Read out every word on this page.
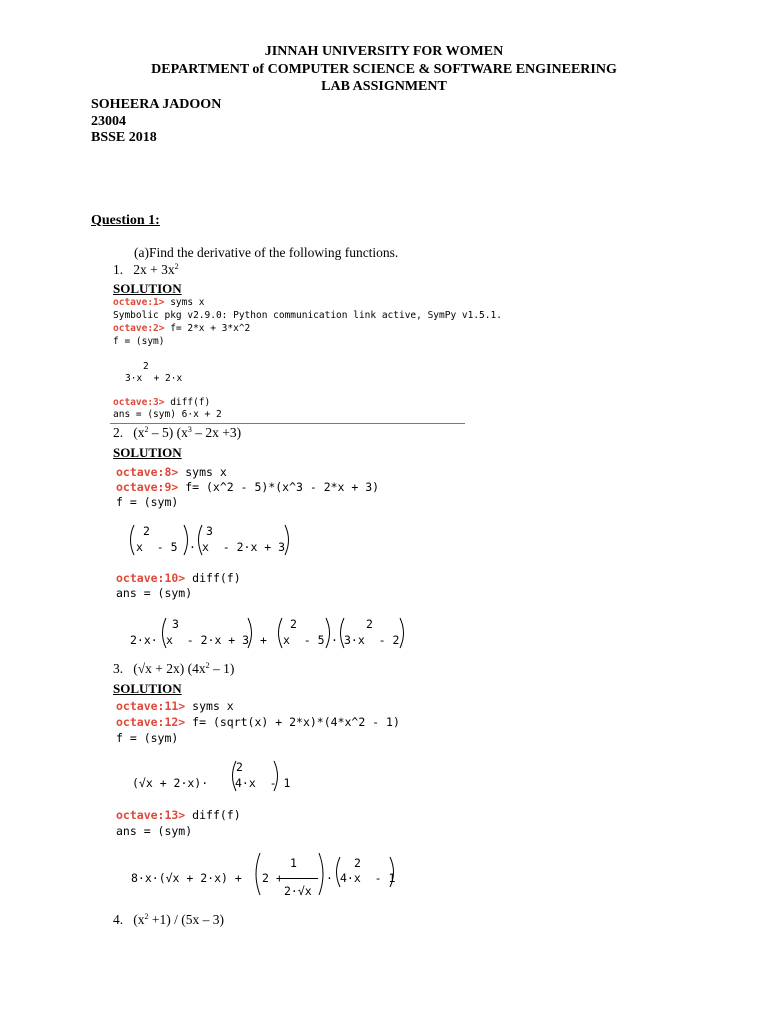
JINNAH UNIVERSITY FOR WOMEN
DEPARTMENT of COMPUTER SCIENCE & SOFTWARE ENGINEERING
LAB ASSIGNMENT
SOHEERA JADOON
23004
BSSE 2018
Question 1:
(a)Find the derivative of the following functions.
1. $2x + 3x^2$
SOLUTION
octave:1> syms x
Symbolic pkg v2.9.0: Python communication link active, SymPy v1.5.1.
octave:2> f= 2*x + 3*x^2
f = (sym)
2
3·x  + 2·x
octave:3> diff(f)
ans = (sym) 6·x + 2
2. $(x^2 - 5)$ $(x^3 - 2x +3)$
SOLUTION
octave:8> syms x
octave:9> f= (x^2 - 5)*(x^3 - 2*x + 3)
f = (sym)
2
x  - 5 ·
3
x  - 2·x + 3
octave:10> diff(f)
ans = (sym)
2·x·
3
x  - 2·x + 3 +
2
x  - 5 ·
2
3·x  - 2
3. (√x + 2x) $(4x^2 - 1)$
SOLUTION
octave:11> syms x
octave:12> f= (sqrt(x) + 2*x)*(4*x^2 - 1)
f = (sym)
(√x + 2·x)·
2
4·x  - 1
octave:13> diff(f)
ans = (sym)
8·x·(√x + 2·x) + 2 +
1
2·√x
·
2
4·x  - 1
4. $(x^2 +1) / (5x - 3)$
